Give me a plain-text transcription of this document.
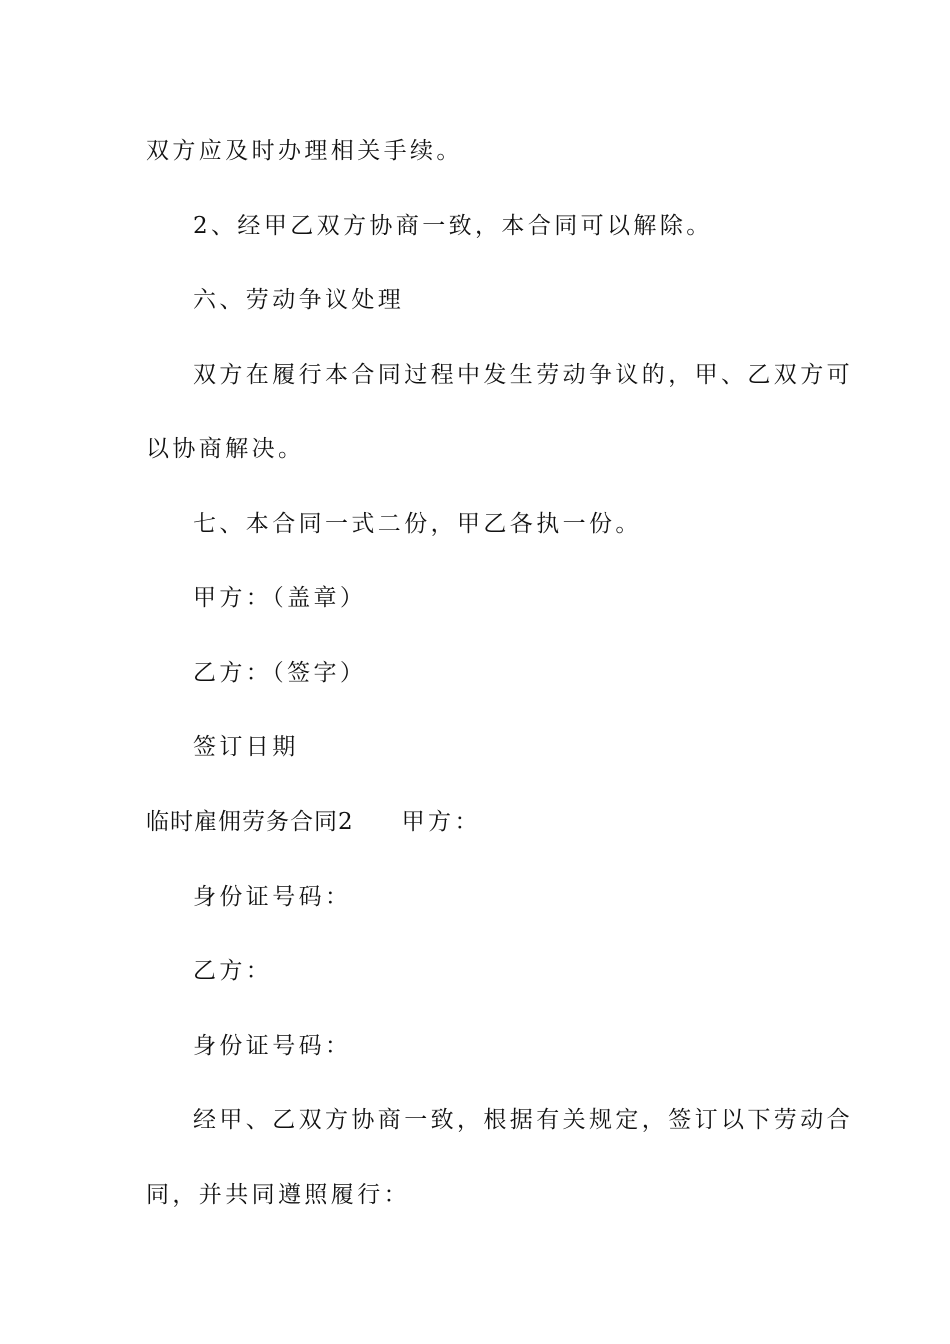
双方应及时办理相关手续。
2、经甲乙双方协商一致，本合同可以解除。
六、劳动争议处理
双方在履行本合同过程中发生劳动争议的，甲、乙双方可
以协商解决。
七、本合同一式二份，甲乙各执一份。
甲方：（盖章）
乙方：（签字）
签订日期
临时雇佣劳务合同2 甲方：
身份证号码：
乙方：
身份证号码：
经甲、乙双方协商一致，根据有关规定，签订以下劳动合
同，并共同遵照履行：
